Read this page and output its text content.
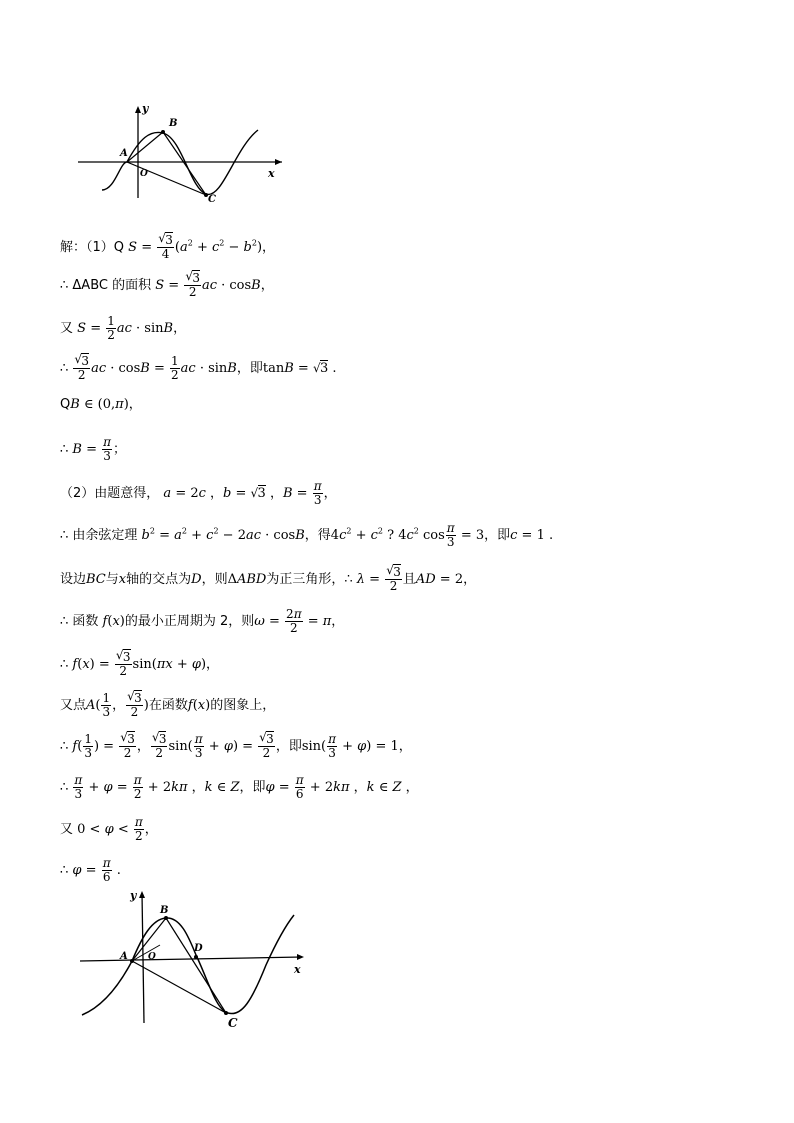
y
B
A
O	x
C
解：（1）Q S = √ $\frac{3}{4} (a^2 + c^2 - b^2)$，
∴ ΔABC 的面积 S = √ $\frac{3}{2}$ ac · cosB，
又 $S = \frac{1}{2}$ ac · sinB，
∴ √ $\frac{3}{2}$ ac · $\cos B = \frac{1}{2}$ ac · sinB，即tanB = √ 3 .
QB ∈ (0,π)，
∴ $B = \frac{\pi}{3}$ ；
（2）由题意得， a = 2c ，b = √ 3 ，$B = \frac{\pi}{3}$ ，
∴ 由余弦定理 $b^2 = a^2 + c^2 - 2ac \cdot \cos B$，得$4c^2 + c^2$ ? $4c^2$ $\cos \frac{\pi}{3} = 3$，即c = 1 .
设边BC与x轴的交点为D，则ΔABD为正三角形，∴ λ = √ $\frac{3}{2}$ 且AD = 2，
∴ 函数 f(x)的最小正周期为 2，则$\omega = \frac{2\pi}{2} = \pi$，
∴ f(x) = √ $\frac{3}{2} \sin(\pi x + \varphi)$，
又点$A( \frac{1}{3}$ ， √ $\frac{3}{2}$ )在函数f(x)的图象上，
∴ $f( \frac{1}{3}$ ) = √ $\frac{3}{2}$ ， √ $\frac{3}{2} \sin( \frac{\pi}{3} + \varphi)$ = √ $\frac{3}{2}$ ，即$\sin( \frac{\pi}{3} + \varphi) = 1$，
∴ $\frac{\pi}{3} + \varphi = \frac{\pi}{2} + 2k\pi$ ，k ∈ Z，即$\varphi = \frac{\pi}{6} + 2k\pi$ ，k ∈ Z ，
又 $0 < \varphi < \frac{\pi}{2}$ ，
∴ $\varphi = \frac{\pi}{6}$ .
y
B
A O
D
x
C
